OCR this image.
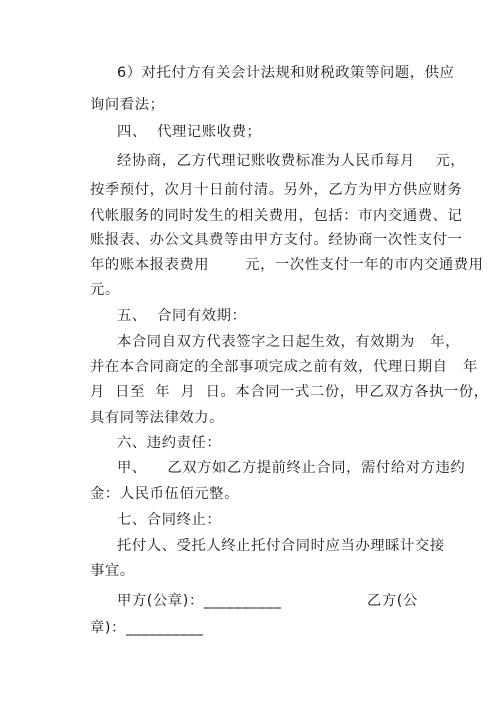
6）对托付方有关会计法规和财税政策等问题，供应
询问看法；
四、  代理记账收费；
经协商，乙方代理记账收费标准为人民币每月    元，
按季预付，次月十日前付清。另外，乙方为甲方供应财务
代帐服务的同时发生的相关费用，包括：市内交通费、记
账报表、办公文具费等由甲方支付。经协商一次性支付一
年的账本报表费用       元，一次性支付一年的市内交通费用
元。
五、  合同有效期：
本合同自双方代表签字之日起生效，有效期为   年，
并在本合同商定的全部事项完成之前有效，代理日期自   年
月  日至  年  月  日。本合同一式二份，甲乙双方各执一份，
具有同等法律效力。
六、违约责任：
甲、    乙双方如乙方提前终止合同，需付给对方违约
金：人民币伍佰元整。
七、合同终止：
托付人、受托人终止托付合同时应当办理睬计交接
事宜。
甲方(公章)：__________	乙方(公
章)：__________
